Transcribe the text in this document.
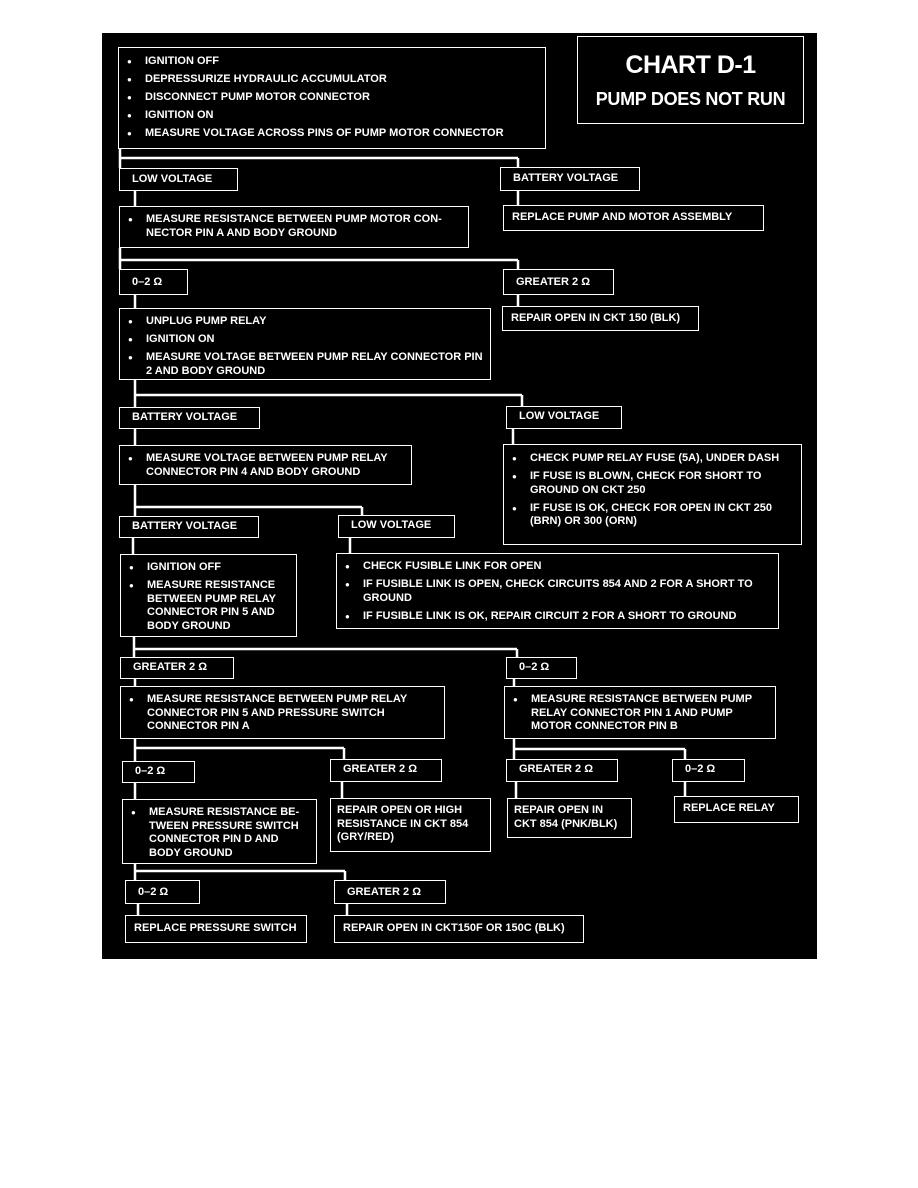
CHART D-1
PUMP DOES NOT RUN
● IGNITION OFF
● DEPRESSURIZE HYDRAULIC ACCUMULATOR
● DISCONNECT PUMP MOTOR CONNECTOR
● IGNITION ON
● MEASURE VOLTAGE ACROSS PINS OF PUMP MOTOR CONNECTOR
LOW VOLTAGE	BATTERY VOLTAGE
● MEASURE RESISTANCE BETWEEN PUMP MOTOR CON- NECTOR PIN A AND BODY GROUND
REPLACE PUMP AND MOTOR ASSEMBLY
0–2 Ω	GREATER 2 Ω
● UNPLUG PUMP RELAY
● IGNITION ON
● MEASURE VOLTAGE BETWEEN PUMP RELAY CONNECTOR PIN 2 AND BODY GROUND
REPAIR OPEN IN CKT 150 (BLK)
BATTERY VOLTAGE	LOW VOLTAGE
● MEASURE VOLTAGE BETWEEN PUMP RELAY CONNECTOR PIN 4 AND BODY GROUND
● CHECK PUMP RELAY FUSE (5A), UNDER DASH
● IF FUSE IS BLOWN, CHECK FOR SHORT TO GROUND ON CKT 250
● IF FUSE IS OK, CHECK FOR OPEN IN CKT 250 (BRN) OR 300 (ORN)
BATTERY VOLTAGE	LOW VOLTAGE
● IGNITION OFF
● MEASURE RESISTANCE BETWEEN PUMP RELAY CONNECTOR PIN 5 AND BODY GROUND
● CHECK FUSIBLE LINK FOR OPEN
● IF FUSIBLE LINK IS OPEN, CHECK CIRCUITS 854 AND 2 FOR A SHORT TO GROUND
● IF FUSIBLE LINK IS OK, REPAIR CIRCUIT 2 FOR A SHORT TO GROUND
GREATER 2 Ω	0–2 Ω
● MEASURE RESISTANCE BETWEEN PUMP RELAY CONNECTOR PIN 5 AND PRESSURE SWITCH CONNECTOR PIN A
● MEASURE RESISTANCE BETWEEN PUMP RELAY CONNECTOR PIN 1 AND PUMP MOTOR CONNECTOR PIN B
0–2 Ω	GREATER 2 Ω	GREATER 2 Ω	0–2 Ω
● MEASURE RESISTANCE BE- TWEEN PRESSURE SWITCH CONNECTOR PIN D AND BODY GROUND
REPAIR OPEN OR HIGH RESISTANCE IN CKT 854 (GRY/RED)
REPAIR OPEN IN CKT 854 (PNK/BLK)
REPLACE RELAY
0–2 Ω	GREATER 2 Ω
REPLACE PRESSURE SWITCH	REPAIR OPEN IN CKT150F OR 150C (BLK)
